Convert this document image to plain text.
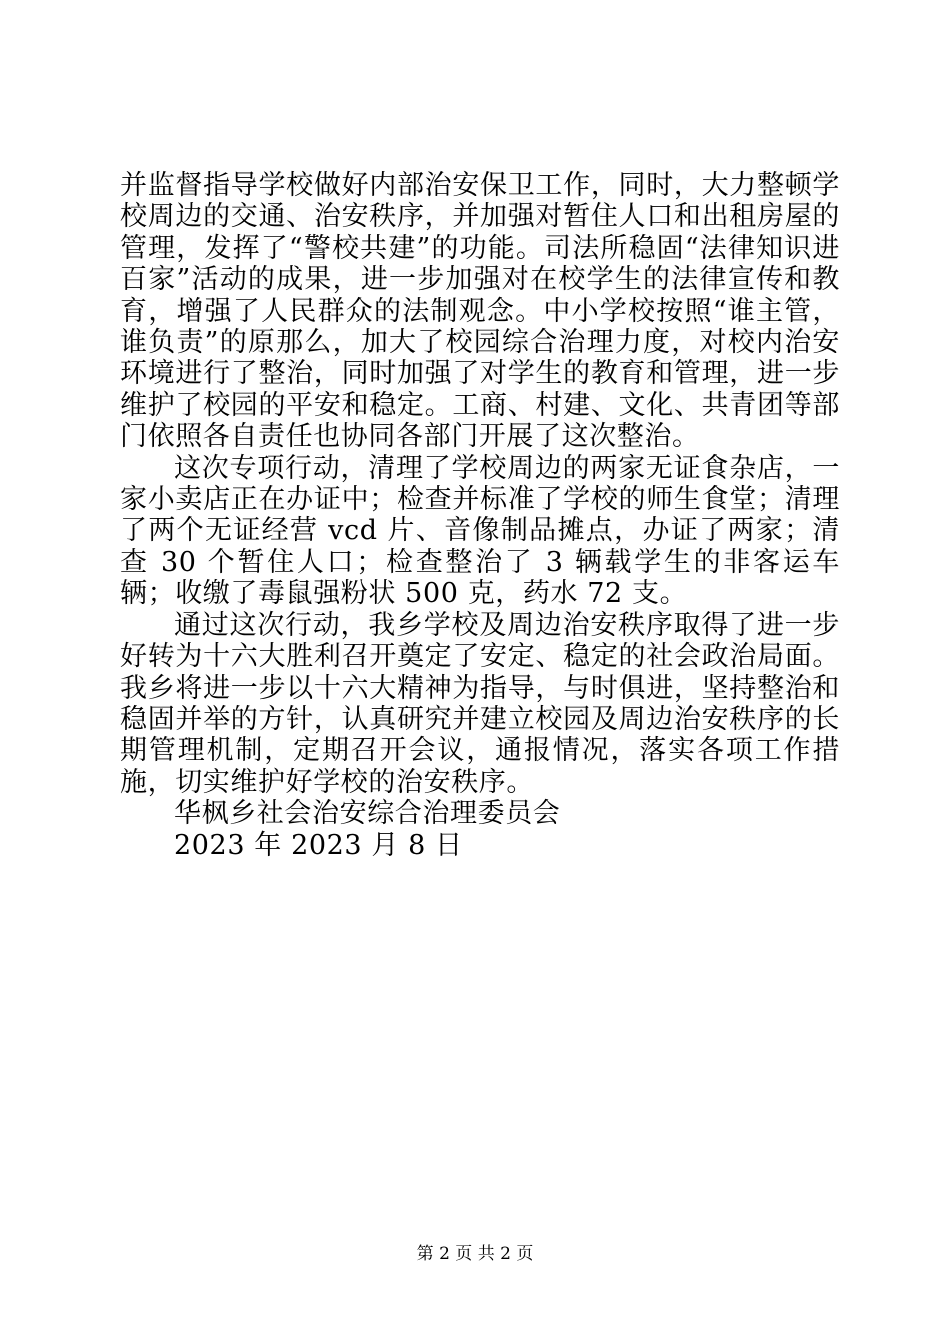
并监督指导学校做好内部治安保卫工作，同时，大力整顿学校周边的交通、治安秩序，并加强对暂住人口和出租房屋的管理，发挥了“警校共建”的功能。司法所稳固“法律知识进百家”活动的成果，进一步加强对在校学生的法律宣传和教育，增强了人民群众的法制观念。中小学校按照“谁主管，谁负责”的原那么，加大了校园综合治理力度，对校内治安环境进行了整治，同时加强了对学生的教育和管理，进一步维护了校园的平安和稳定。工商、村建、文化、共青团等部门依照各自责任也协同各部门开展了这次整治。

这次专项行动，清理了学校周边的两家无证食杂店，一家小卖店正在办证中；检查并标准了学校的师生食堂；清理了两个无证经营 vcd 片、音像制品摊点，办证了两家；清查 30 个暂住人口；检查整治了 3 辆载学生的非客运车辆；收缴了毒鼠强粉状 500 克，药水 72 支。

通过这次行动，我乡学校及周边治安秩序取得了进一步好转为十六大胜利召开奠定了安定、稳定的社会政治局面。我乡将进一步以十六大精神为指导，与时俱进，坚持整治和稳固并举的方针，认真研究并建立校园及周边治安秩序的长期管理机制，定期召开会议，通报情况，落实各项工作措施，切实维护好学校的治安秩序。

华枫乡社会治安综合治理委员会

2023 年 2023 月 8 日

第 2 页 共 2 页
